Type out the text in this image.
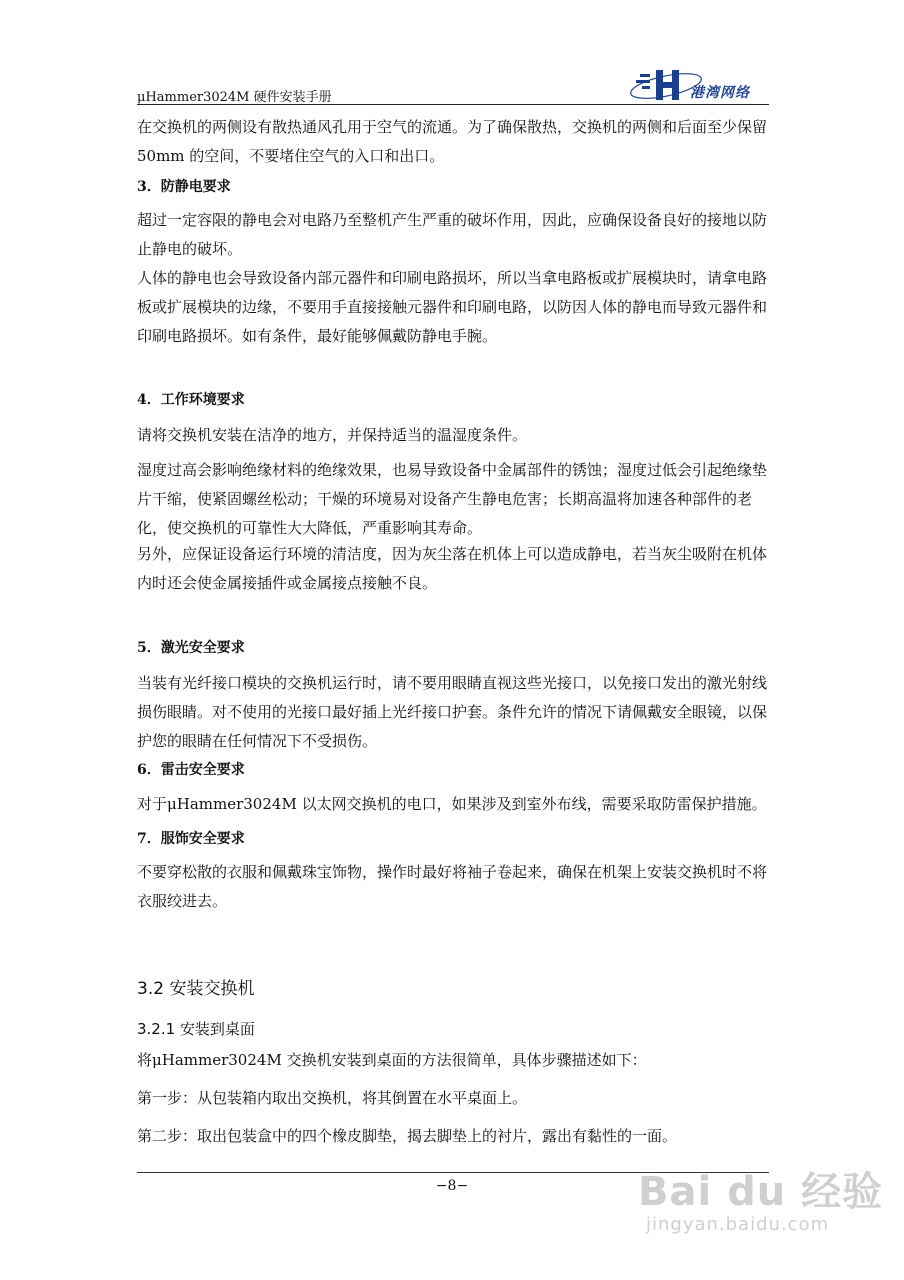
μHammer3024M 硬件安装手册	港湾网络
在交换机的两侧设有散热通风孔用于空气的流通。为了确保散热，交换机的两侧和后面至少保留 50mm 的空间，不要堵住空气的入口和出口。
3．防静电要求
超过一定容限的静电会对电路乃至整机产生严重的破坏作用，因此，应确保设备良好的接地以防止静电的破坏。
人体的静电也会导致设备内部元器件和印刷电路损坏，所以当拿电路板或扩展模块时，请拿电路板或扩展模块的边缘，不要用手直接接触元器件和印刷电路，以防因人体的静电而导致元器件和印刷电路损坏。如有条件，最好能够佩戴防静电手腕。
4．工作环境要求
请将交换机安装在洁净的地方，并保持适当的温湿度条件。
湿度过高会影响绝缘材料的绝缘效果，也易导致设备中金属部件的锈蚀；湿度过低会引起绝缘垫片干缩，使紧固螺丝松动；干燥的环境易对设备产生静电危害；长期高温将加速各种部件的老化，使交换机的可靠性大大降低，严重影响其寿命。
另外，应保证设备运行环境的清洁度，因为灰尘落在机体上可以造成静电，若当灰尘吸附在机体内时还会使金属接插件或金属接点接触不良。
5．激光安全要求
当装有光纤接口模块的交换机运行时，请不要用眼睛直视这些光接口，以免接口发出的激光射线损伤眼睛。对不使用的光接口最好插上光纤接口护套。条件允许的情况下请佩戴安全眼镜，以保护您的眼睛在任何情况下不受损伤。
6．雷击安全要求
对于μHammer3024M 以太网交换机的电口，如果涉及到室外布线，需要采取防雷保护措施。
7．服饰安全要求
不要穿松散的衣服和佩戴珠宝饰物，操作时最好将袖子卷起来，确保在机架上安装交换机时不将衣服绞进去。
3.2 安装交换机
3.2.1 安装到桌面
将μHammer3024M 交换机安装到桌面的方法很简单，具体步骤描述如下：
第一步：从包装箱内取出交换机，将其倒置在水平桌面上。
第二步：取出包装盒中的四个橡皮脚垫，揭去脚垫上的衬片，露出有黏性的一面。
−8−	Bai du 经验
jingyan.baidu.com
